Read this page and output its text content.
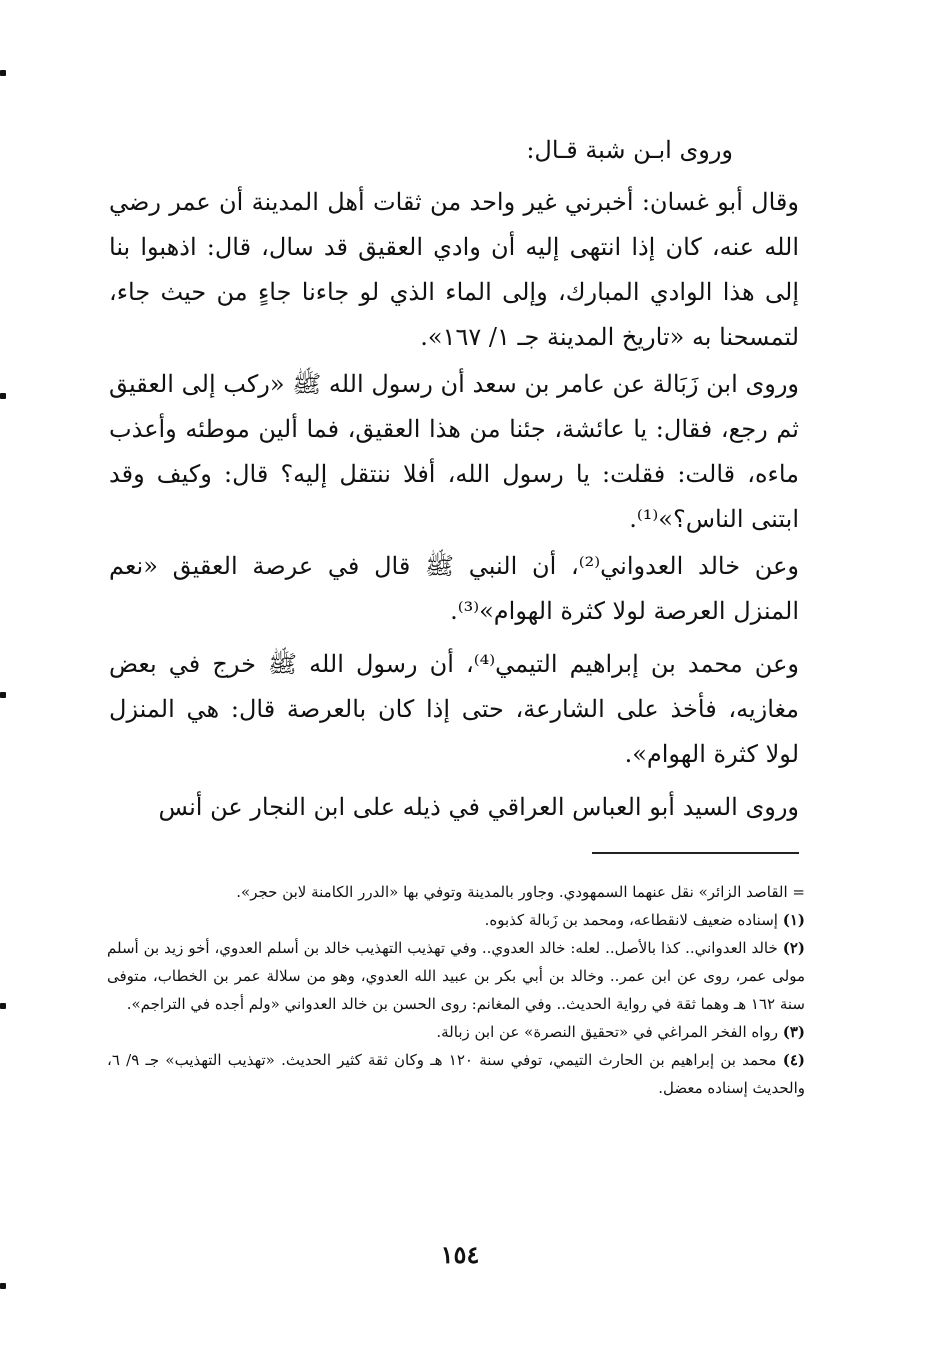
وروى ابـن شبة قـال:

وقال أبو غسان: أخبرني غير واحد من ثقات أهل المدينة أن عمر رضي الله عنه، كان إذا انتهى إليه أن وادي العقيق قد سال، قال: اذهبوا بنا إلى هذا الوادي المبارك، وإلى الماء الذي لو جاءنا جاءٍ من حيث جاء، لتمسحنا به «تاريخ المدينة جـ ١/ ١٦٧».

وروى ابن زَبَالة عن عامر بن سعد أن رسول الله ﷺ «ركب إلى العقيق ثم رجع، فقال: يا عائشة، جئنا من هذا العقيق، فما ألين موطئه وأعذب ماءه، قالت: فقلت: يا رسول الله، أفلا ننتقل إليه؟ قال: وكيف وقد ابتنى الناس؟»⁽¹⁾.

وعن خالد العدواني⁽²⁾، أن النبي ﷺ قال في عرصة العقيق «نعم المنزل العرصة لولا كثرة الهوام»⁽³⁾.

وعن محمد بن إبراهيم التيمي⁽⁴⁾، أن رسول الله ﷺ خرج في بعض مغازيه، فأخذ على الشارعة، حتى إذا كان بالعرصة قال: هي المنزل لولا كثرة الهوام».

وروى السيد أبو العباس العراقي في ذيله على ابن النجار عن أنس

= القاصد الزائر» نقل عنهما السمهودي. وجاور بالمدينة وتوفي بها «الدرر الكامنة لابن حجر».

(١) إسناده ضعيف لانقطاعه، ومحمد بن زَبالة كذبوه.

(٢) خالد العدواني.. كذا بالأصل.. لعله: خالد العدوي.. وفي تهذيب التهذيب خالد بن أسلم العدوي، أخو زيد بن أسلم مولى عمر، روى عن ابن عمر.. وخالد بن أبي بكر بن عبيد الله العدوي، وهو من سلالة عمر بن الخطاب، متوفى سنة ١٦٢ هـ وهما ثقة في رواية الحديث.. وفي المغانم: روى الحسن بن خالد العدواني «ولم أجده في التراجم».

(٣) رواه الفخر المراغي في «تحقيق النصرة» عن ابن زبالة.

(٤) محمد بن إبراهيم بن الحارث التيمي، توفي سنة ١٢٠ هـ وكان ثقة كثير الحديث. «تهذيب التهذيب» جـ ٩/ ٦، والحديث إسناده معضل.

١٥٤
